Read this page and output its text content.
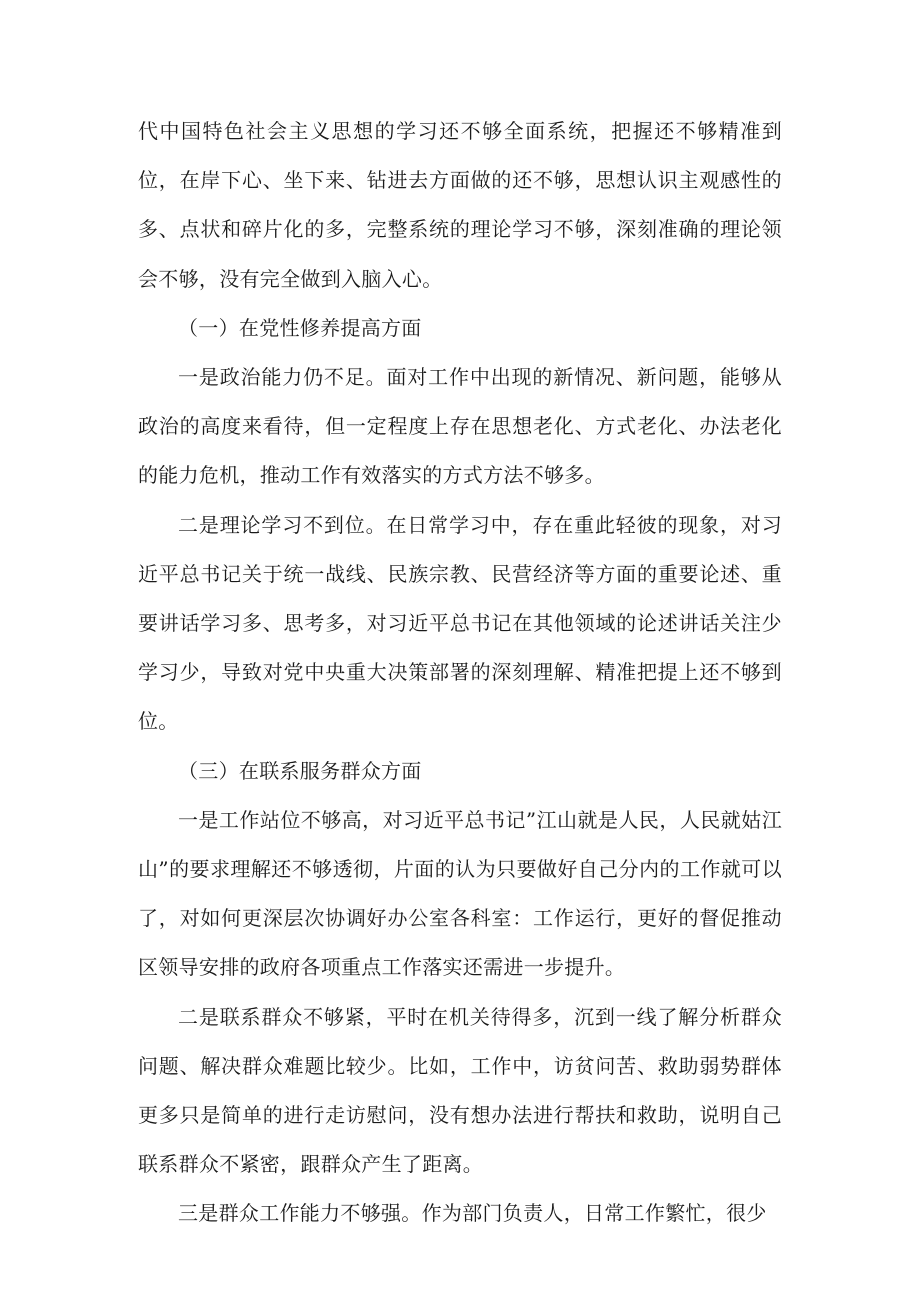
代中国特色社会主义思想的学习还不够全面系统，把握还不够精准到位，在岸下心、坐下来、钻进去方面做的还不够，思想认识主观感性的多、点状和碎片化的多，完整系统的理论学习不够，深刻准确的理论领会不够，没有完全做到入脑入心。

（一）在党性修养提高方面

一是政治能力仍不足。面对工作中出现的新情况、新问题，能够从政治的高度来看待，但一定程度上存在思想老化、方式老化、办法老化的能力危机，推动工作有效落实的方式方法不够多。

二是理论学习不到位。在日常学习中，存在重此轻彼的现象，对习近平总书记关于统一战线、民族宗教、民营经济等方面的重要论述、重要讲话学习多、思考多，对习近平总书记在其他领域的论述讲话关注少学习少，导致对党中央重大决策部署的深刻理解、精准把提上还不够到位。

（三）在联系服务群众方面

一是工作站位不够高，对习近平总书记”江山就是人民，人民就姑江山”的要求理解还不够透彻，片面的认为只要做好自己分内的工作就可以了，对如何更深层次协调好办公室各科室：工作运行，更好的督促推动区领导安排的政府各项重点工作落实还需进一步提升。

二是联系群众不够紧，平时在机关待得多，沉到一线了解分析群众问题、解决群众难题比较少。比如，工作中，访贫问苦、救助弱势群体更多只是简单的进行走访慰问，没有想办法进行帮扶和救助，说明自己联系群众不紧密，跟群众产生了距离。

三是群众工作能力不够强。作为部门负责人，日常工作繁忙，很少
